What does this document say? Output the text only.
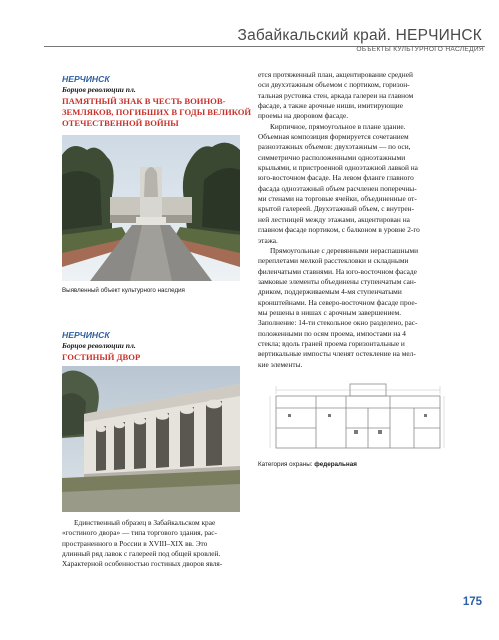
Забайкальский край. НЕРЧИНСК
ОБЪЕКТЫ КУЛЬТУРНОГО НАСЛЕДИЯ
НЕРЧИНСК
Борцов революции пл.
ПАМЯТНЫЙ ЗНАК В ЧЕСТЬ ВОИНОВ-
ЗЕМЛЯКОВ, ПОГИБШИХ В ГОДЫ ВЕЛИКОЙ
ОТЕЧЕСТВЕННОЙ ВОЙНЫ
Выявленный объект культурного наследия
НЕРЧИНСК
Борцов революции пл.
ГОСТИНЫЙ ДВОР

Единственный образец в Забайкальском крае

«гостиного двора» — типа торгового здания, рас-

пространенного в России в XVIII–XIX вв. Это

длинный ряд лавок с галереей под общей кровлей.

Характерной особенностью гостиных дворов явля-

ется протяженный план, акцентирование средней

оси двухэтажным объемом с портиком, горизон-

тальная рустовка стен, аркада галереи на главном

фасаде, а также арочные ниши, имитирующие

проемы на дворовом фасаде.

Кирпичное, прямоугольное в плане здание.

Объемная композиция формируется сочетанием

разноэтажных объемов: двухэтажным — по оси,

симметрично расположенными одноэтажными

крыльями, и пристроенной одноэтажной лавкой на

юго-восточном фасаде. На левом фланге главного

фасада одноэтажный объем расчленен поперечны-

ми стенами на торговые ячейки, объединенные от-

крытой галереей. Двухэтажный объем, с внутрен-

ней лестницей между этажами, акцентирован на

главном фасаде портиком, с балконом в уровне 2-го

этажа.

Прямоугольные с деревянными нераспашными

переплетами мелкой расстекловки и складными

филенчатыми ставнями. На юго-восточном фасаде

замковые элементы объединены ступенчатым сан-

дриком, поддерживаемым 4-мя ступенчатыми

кронштейнами. На северо-восточном фасаде прое-

мы решены в нишах с арочным завершением.

Заполнение: 14-ти стекольное окно разделено, рас-

положенными по осям проема, импостами на 4

стекла; вдоль граней проема горизонтальные и

вертикальные импосты членят остекление на мел-

кие элементы.

Категория охраны: федеральная
175
